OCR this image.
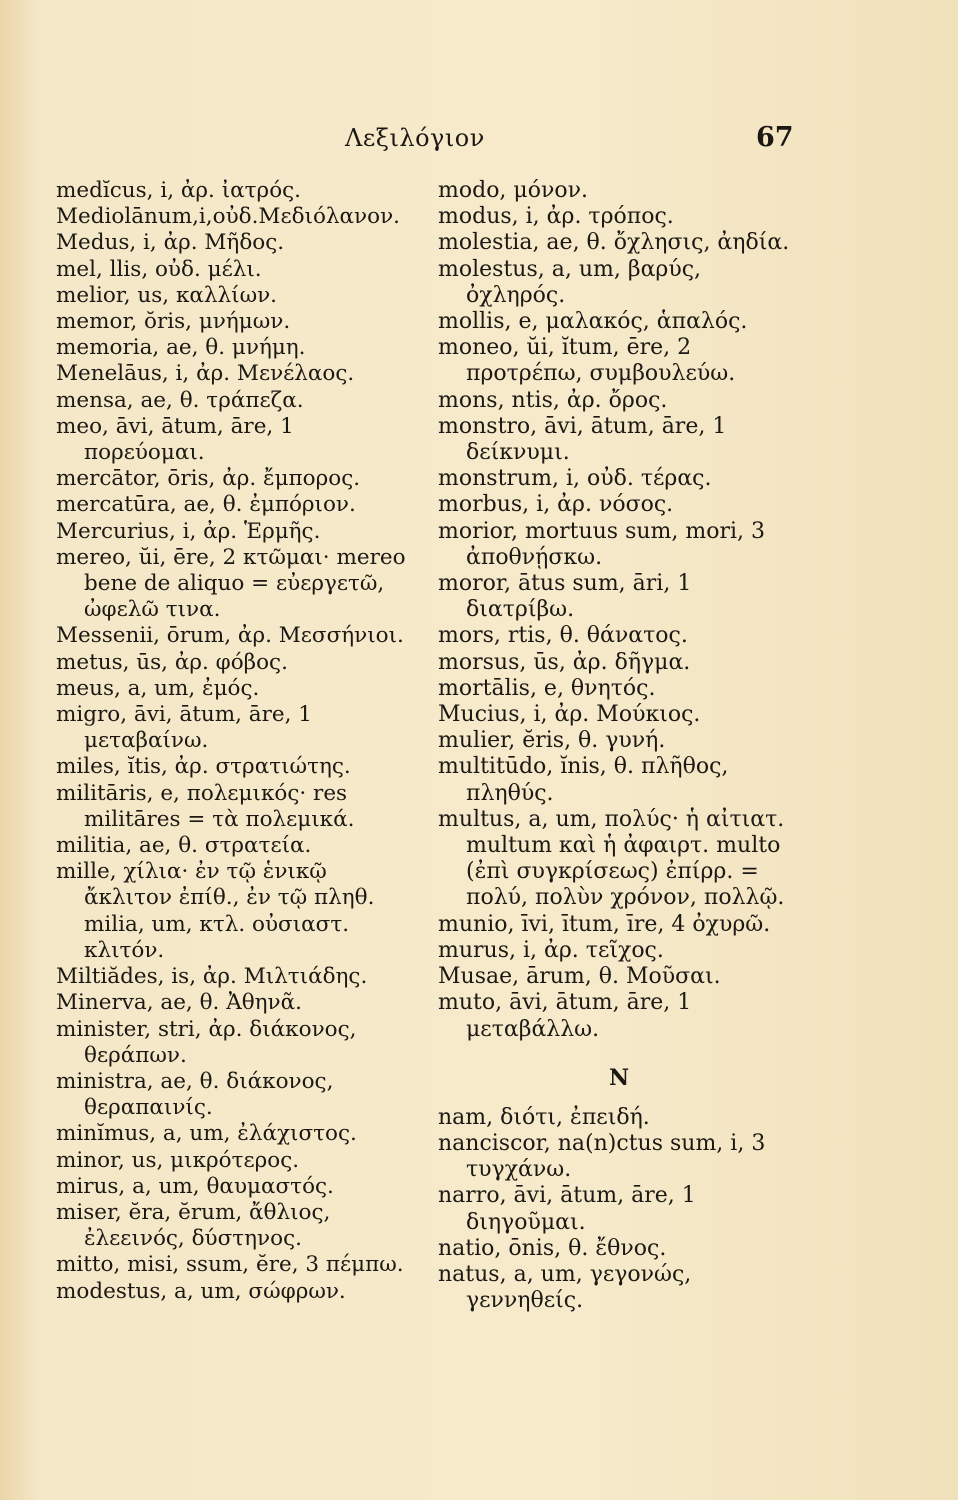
Λεξιλόγιον	67

medĭcus, i, ἀρ. ἰατρός.

Mediolānum,i,οὐδ.Μεδιόλανον.

Medus, i, ἀρ. Μῆδος.

mel, llis, οὐδ. μέλι.

melior, us, καλλίων.

memor, ŏris, μνήμων.

memoria, ae, θ. μνήμη.

Menelāus, i, ἀρ. Μενέλαος.

mensa, ae, θ. τράπεζα.

meo, āvi, ātum, āre, 1 πορεύομαι.

mercātor, ōris, ἀρ. ἔμπορος.

mercatūra, ae, θ. ἐμπόριον.

Mercurius, i, ἀρ. Ἑρμῆς.

mereo, ŭi, ēre, 2 κτῶμαι· mereo bene de aliquo = εὐεργετῶ, ὠφελῶ τινα.

Messenii, ōrum, ἀρ. Μεσσήνιοι.

metus, ūs, ἀρ. φόβος.

meus, a, um, ἐμός.

migro, āvi, ātum, āre, 1 μεταβαίνω.

miles, ĭtis, ἀρ. στρατιώτης.

militāris, e, πολεμικός· res militāres = τὰ πολεμικά.

militia, ae, θ. στρατεία.

mille, χίλια· ἐν τῷ ἑνικῷ ἄκλιτον ἐπίθ., ἐν τῷ πληθ. milia, um, κτλ. οὐσιαστ. κλιτόν.

Miltiădes, is, ἀρ. Μιλτιάδης.

Minerva, ae, θ. Ἀθηνᾶ.

minister, stri, ἀρ. διάκονος, θεράπων.

ministra, ae, θ. διάκονος, θεραπαινίς.

minĭmus, a, um, ἐλάχιστος.

minor, us, μικρότερος.

mirus, a, um, θαυμαστός.

miser, ĕra, ĕrum, ἄθλιος, ἐλεεινός, δύστηνος.

mitto, misi, ssum, ĕre, 3 πέμπω.

modestus, a, um, σώφρων.

modo, μόνον.

modus, i, ἀρ. τρόπος.

molestia, ae, θ. ὄχλησις, ἀηδία.

molestus, a, um, βαρύς, ὀχληρός.

mollis, e, μαλακός, ἁπαλός.

moneo, ŭi, ĭtum, ēre, 2 προτρέπω, συμβουλεύω.

mons, ntis, ἀρ. ὄρος.

monstro, āvi, ātum, āre, 1 δείκνυμι.

monstrum, i, οὐδ. τέρας.

morbus, i, ἀρ. νόσος.

morior, mortuus sum, mori, 3 ἀποθνῄσκω.

moror, ātus sum, āri, 1 διατρίβω.

mors, rtis, θ. θάνατος.

morsus, ūs, ἀρ. δῆγμα.

mortālis, e, θνητός.

Mucius, i, ἀρ. Μούκιος.

mulier, ĕris, θ. γυνή.

multitūdo, ĭnis, θ. πλῆθος, πληθύς.

multus, a, um, πολύς· ἡ αἰτιατ. multum καὶ ἡ ἀφαιρτ. multo (ἐπὶ συγκρίσεως) ἐπίρρ. = πολύ, πολὺν χρόνον, πολλῷ.

munio, īvi, ītum, īre, 4 ὀχυρῶ.

murus, i, ἀρ. τεῖχος.

Musae, ārum, θ. Μοῦσαι.

muto, āvi, ātum, āre, 1 μεταβάλλω.

N

nam, διότι, ἐπειδή.

nanciscor, na(n)ctus sum, i, 3 τυγχάνω.

narro, āvi, ātum, āre, 1 διηγοῦμαι.

natio, ōnis, θ. ἔθνος.

natus, a, um, γεγονώς, γεννηθείς.
